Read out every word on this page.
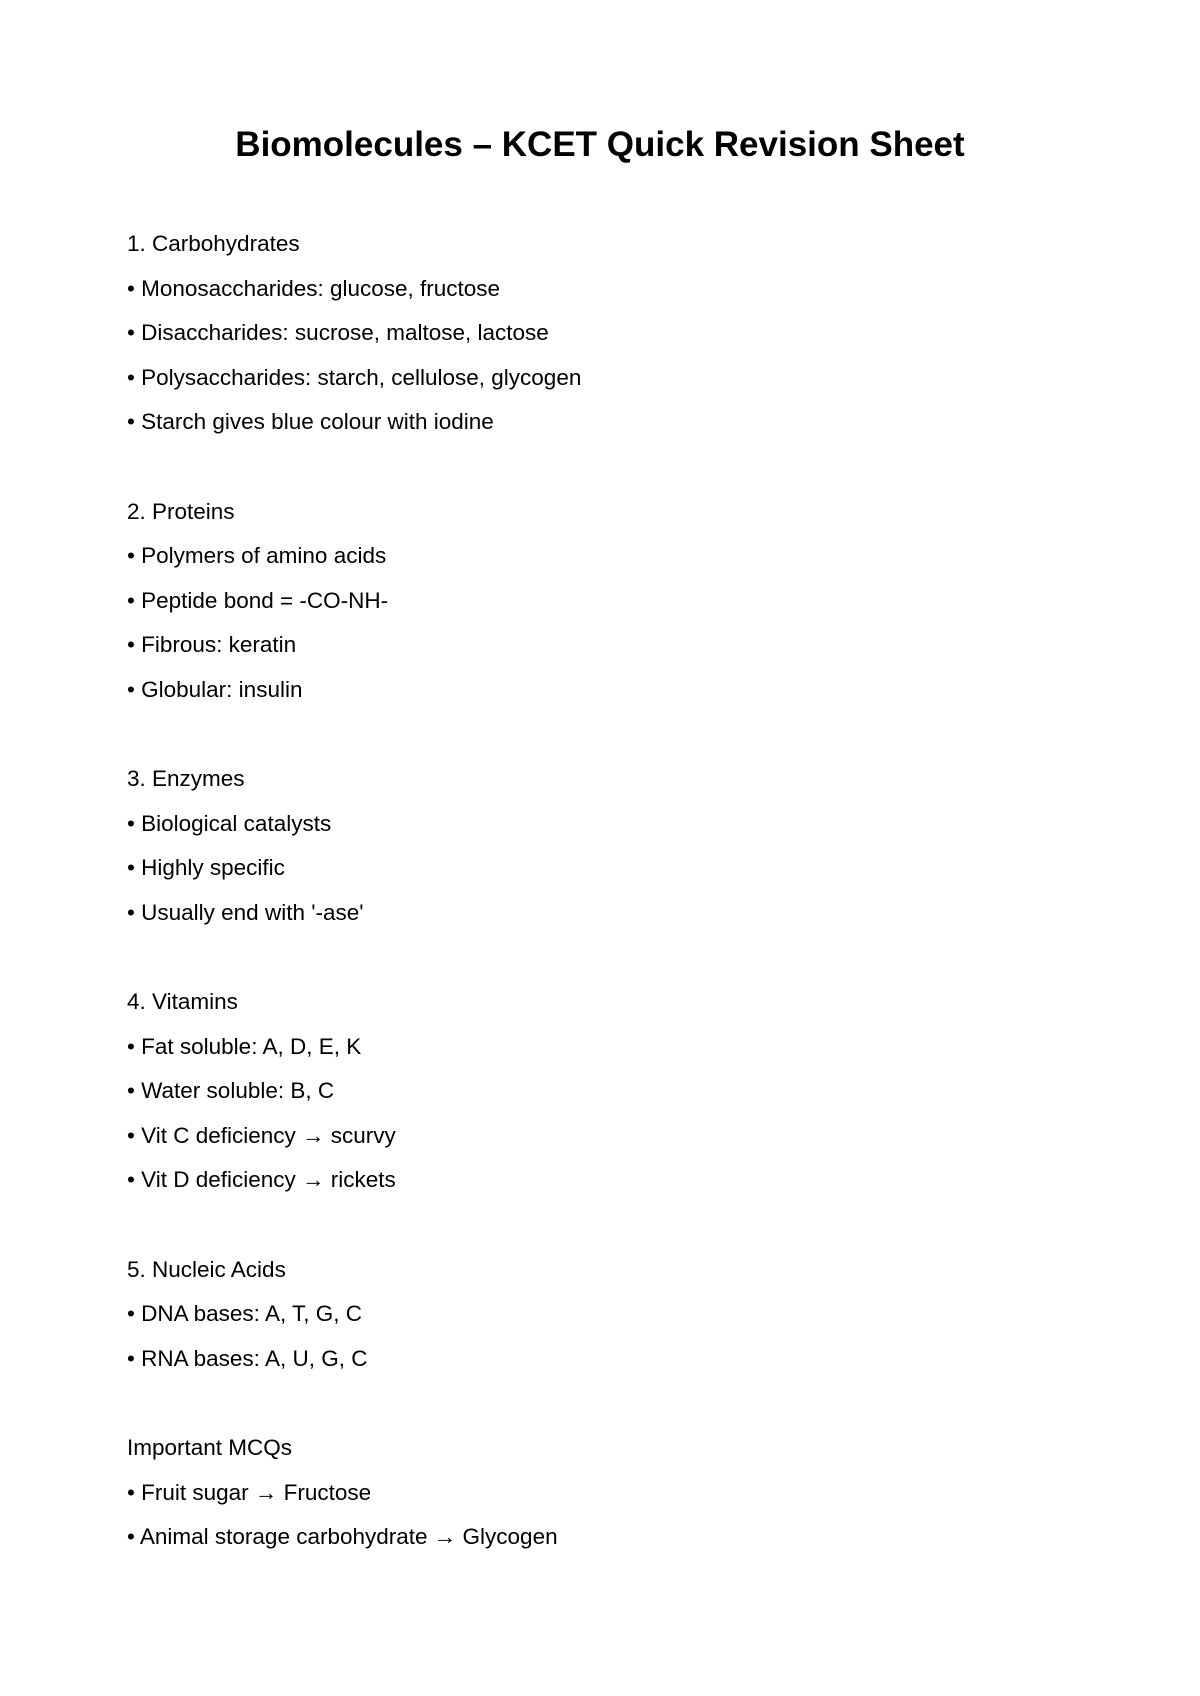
Biomolecules – KCET Quick Revision Sheet
1. Carbohydrates
• Monosaccharides: glucose, fructose
• Disaccharides: sucrose, maltose, lactose
• Polysaccharides: starch, cellulose, glycogen
• Starch gives blue colour with iodine
2. Proteins
• Polymers of amino acids
• Peptide bond = -CO-NH-
• Fibrous: keratin
• Globular: insulin
3. Enzymes
• Biological catalysts
• Highly specific
• Usually end with '-ase'
4. Vitamins
• Fat soluble: A, D, E, K
• Water soluble: B, C
• Vit C deficiency → scurvy
• Vit D deficiency → rickets
5. Nucleic Acids
• DNA bases: A, T, G, C
• RNA bases: A, U, G, C
Important MCQs
• Fruit sugar → Fructose
• Animal storage carbohydrate → Glycogen
